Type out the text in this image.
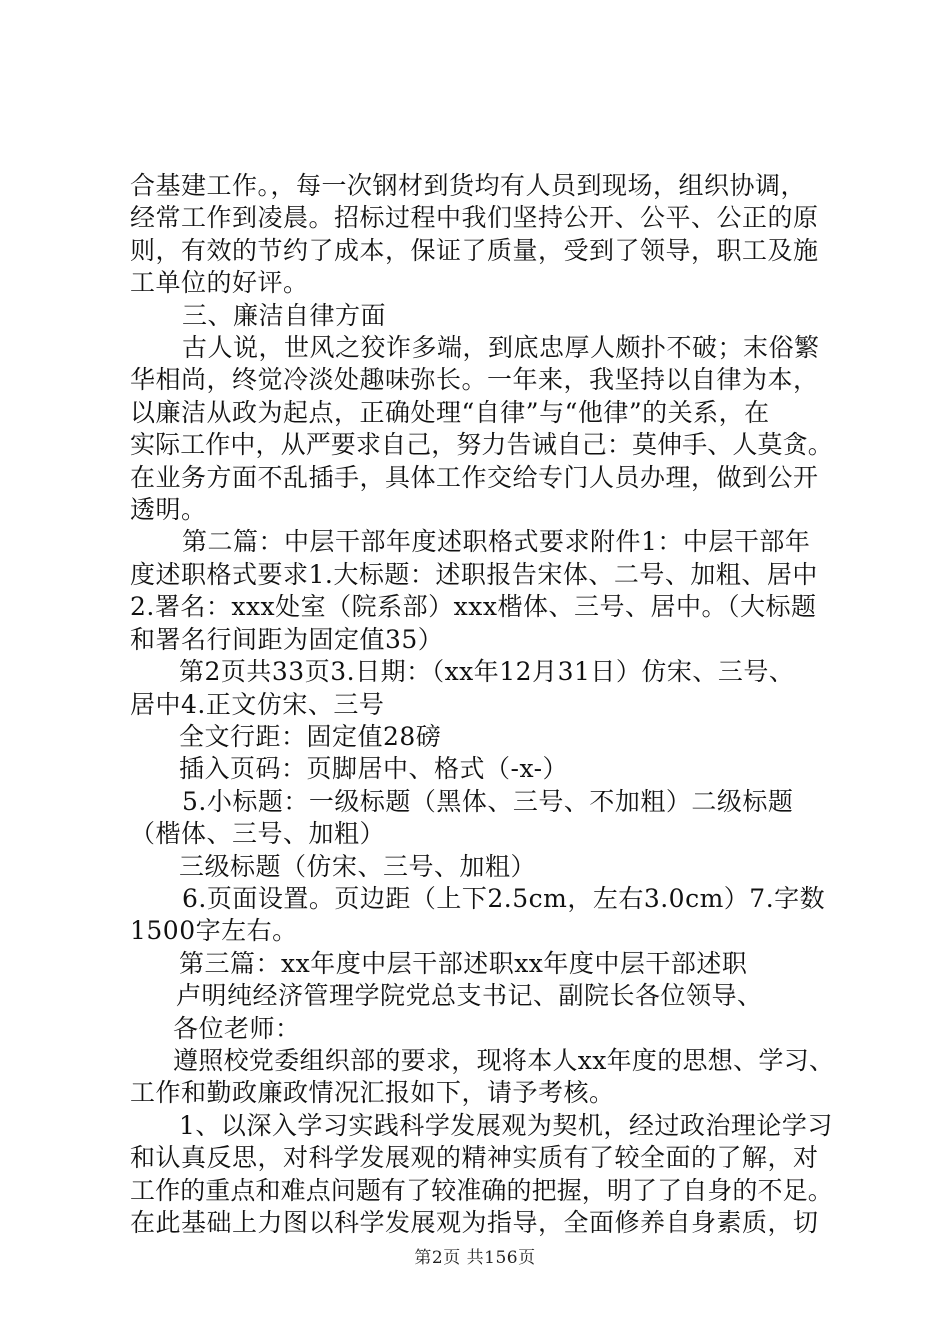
合基建工作。，每一次钢材到货均有人员到现场，组织协调，

经常工作到凌晨。招标过程中我们坚持公开、公平、公正的原

则，有效的节约了成本，保证了质量，受到了领导，职工及施

工单位的好评。

三、廉洁自律方面

古人说，世风之狡诈多端，到底忠厚人颇扑不破；末俗繁

华相尚，终觉冷淡处趣味弥长。一年来，我坚持以自律为本，

以廉洁从政为起点，正确处理“自律”与“他律”的关系，在

实际工作中，从严要求自己，努力告诫自己：莫伸手、人莫贪。

在业务方面不乱插手，具体工作交给专门人员办理，做到公开

透明。

第二篇：中层干部年度述职格式要求附件1：中层干部年

度述职格式要求1.大标题：述职报告宋体、二号、加粗、居中

2.署名：xxx处室（院系部）xxx楷体、三号、居中。（大标题

和署名行间距为固定值35）

第2页共33页3.日期：（xx年12月31日）仿宋、三号、

居中4.正文仿宋、三号

全文行距：固定值28磅

插入页码：页脚居中、格式（-x-）

5.小标题：一级标题（黑体、三号、不加粗）二级标题

（楷体、三号、加粗）

三级标题（仿宋、三号、加粗）

6.页面设置。页边距（上下2.5cm，左右3.0cm）7.字数

1500字左右。

第三篇：xx年度中层干部述职xx年度中层干部述职

卢明纯经济管理学院党总支书记、副院长各位领导、

各位老师：

遵照校党委组织部的要求，现将本人xx年度的思想、学习、

工作和勤政廉政情况汇报如下，请予考核。

1、以深入学习实践科学发展观为契机，经过政治理论学习

和认真反思，对科学发展观的精神实质有了较全面的了解，对

工作的重点和难点问题有了较准确的把握，明了了自身的不足。

在此基础上力图以科学发展观为指导，全面修养自身素质，切

第2页 共156页
